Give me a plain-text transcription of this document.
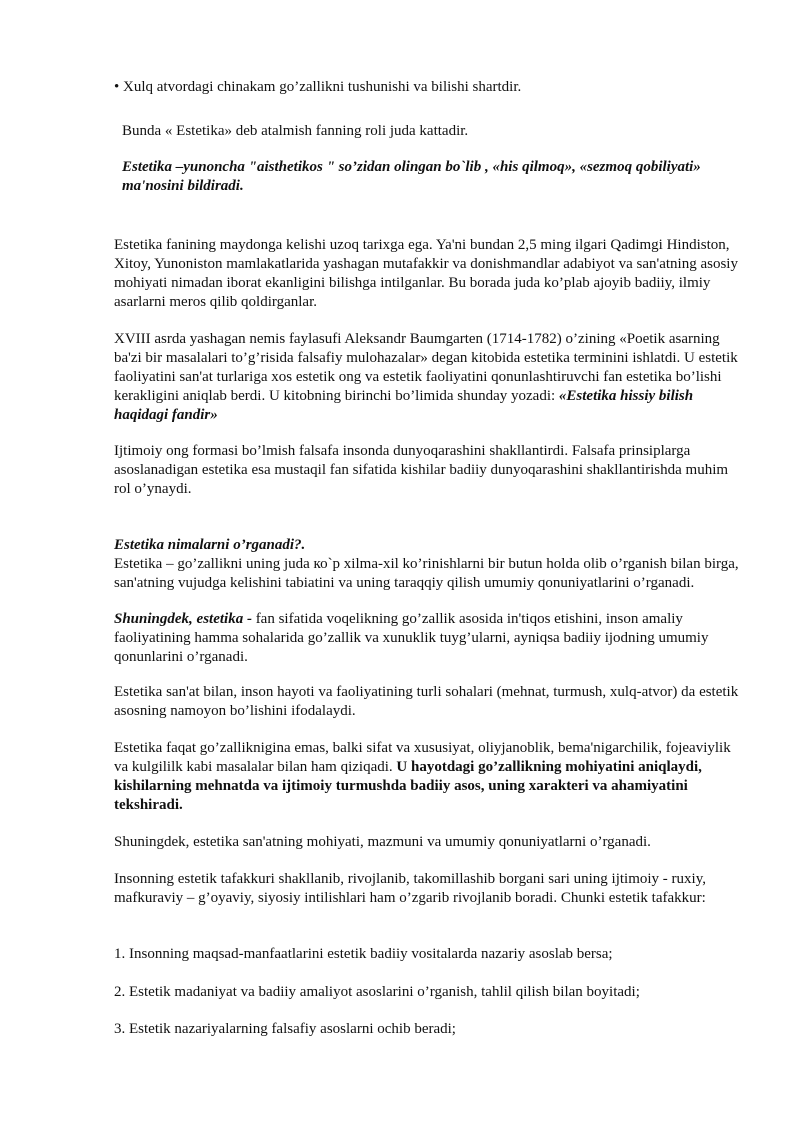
• Xulq atvordagi chinakam go’zallikni tushunishi va bilishi shartdir.

Bunda « Estetika» deb atalmish fanning roli juda kattadir.

Estetika –yunoncha "aisthetikos " so’zidan olingan bo`lib , «his qilmoq», «sezmoq qobiliyati» ma'nosini bildiradi.

Estetika fanining maydonga kelishi uzoq tarixga ega. Ya'ni bundan 2,5 ming ilgari Qadimgi Hindiston, Xitoy, Yunoniston mamlakatlarida yashagan mutafakkir va donishmandlar adabiyot va san'atning asosiy mohiyati nimadan iborat ekanligini bilishga intilganlar. Bu borada juda ko’plab ajoyib badiiy, ilmiy asarlarni meros qilib qoldirganlar.

XVIII asrda yashagan nemis faylasufi Aleksandr Baumgarten (1714-1782) o’zining «Poetik asarning ba'zi bir masalalari to’g’risida falsafiy mulohazalar» degan kitobida estetika terminini ishlatdi. U estetik faoliyatini san'at turlariga xos estetik ong va estetik faoliyatini qonunlashtiruvchi fan estetika bo’lishi kerakligini aniqlab berdi. U kitobning birinchi bo’limida shunday yozadi: «Estetika hissiy bilish haqidagi fandir»

Ijtimoiy ong formasi bo’lmish falsafa insonda dunyoqarashini shakllantirdi. Falsafa prinsiplarga asoslanadigan estetika esa mustaqil fan sifatida kishilar badiiy dunyoqarashini shakllantirishda muhim rol o’ynaydi.

Estetika nimalarni o’rganadi?.

Estetika – go’zallikni uning juda ко`p xilma-xil ko’rinishlarni bir butun holda olib o’rganish bilan birga, san'atning vujudga kelishini tabiatini va uning taraqqiy qilish umumiy qonuniyatlarini o’rganadi.

Shuningdek, estetika - fan sifatida voqelikning go’zallik asosida in'tiqos etishini, inson amaliy faoliyatining hamma sohalarida go’zallik va xunuklik tuyg’ularni, ayniqsa badiiy ijodning umumiy qonunlarini o’rganadi.

Estetika san'at bilan, inson hayoti va faoliyatining turli sohalari (mehnat, turmush, xulq-atvor) da estetik asosning namoyon bo’lishini ifodalaydi.

Estetika faqat go’zallikniginа emas, balki sifat va xususiyat, oliyjanoblik, bema'nigarchilik, fojeaviylik va kulgililk kabi masalalar bilan ham qiziqadi. U hayotdagi go’zallikning mohiyatini aniqlaydi, kishilarning mehnatda va ijtimoiy turmushda badiiy asos, uning xarakteri va ahamiyatini tekshiradi.

Shuningdek, estetika san'atning mohiyati, mazmuni va umumiy qonuniyatlarni o’rganadi.

Insonning estetik tafakkuri shakllanib, rivojlanib, takomillashib borgani sari uning ijtimoiy - ruxiy, mafkuraviy – g’oyaviy, siyosiy intilishlari ham o’zgarib rivojlanib boradi. Chunki estetik tafakkur:

1. Insonning maqsad-manfaatlarini estetik badiiy vositalarda nazariy asoslab bersa;

2. Estetik madaniyat va badiiy amaliyot asoslarini o’rganish, tahlil qilish bilan boyitadi;

3. Estetik nazariyalarning falsafiy asoslarni ochib beradi;
